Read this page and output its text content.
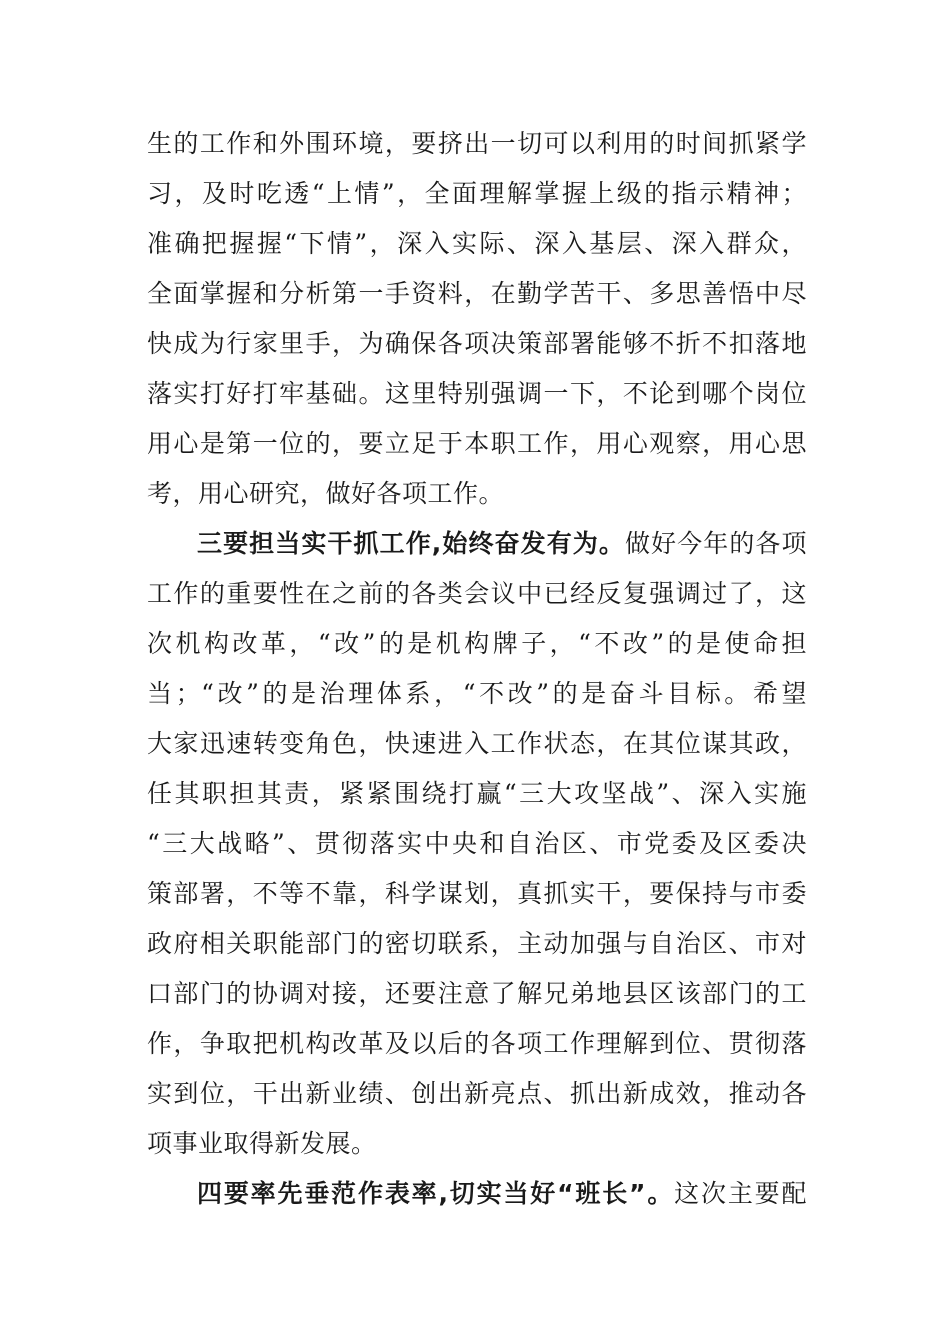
生的工作和外围环境，要挤出一切可以利用的时间抓紧学
习，及时吃透“上情”，全面理解掌握上级的指示精神；
准确把握握“下情”，深入实际、深入基层、深入群众，
全面掌握和分析第一手资料，在勤学苦干、多思善悟中尽
快成为行家里手，为确保各项决策部署能够不折不扣落地
落实打好打牢基础。这里特别强调一下，不论到哪个岗位
用心是第一位的，要立足于本职工作，用心观察，用心思
考，用心研究，做好各项工作。
三要担当实干抓工作,始终奋发有为。做好今年的各项
工作的重要性在之前的各类会议中已经反复强调过了，这
次机构改革，“改”的是机构牌子，“不改”的是使命担
当；“改”的是治理体系，“不改”的是奋斗目标。希望
大家迅速转变角色，快速进入工作状态，在其位谋其政，
任其职担其责，紧紧围绕打赢“三大攻坚战”、深入实施
“三大战略”、贯彻落实中央和自治区、市党委及区委决
策部署，不等不靠，科学谋划，真抓实干，要保持与市委
政府相关职能部门的密切联系，主动加强与自治区、市对
口部门的协调对接，还要注意了解兄弟地县区该部门的工
作，争取把机构改革及以后的各项工作理解到位、贯彻落
实到位，干出新业绩、创出新亮点、抓出新成效，推动各
项事业取得新发展。
四要率先垂范作表率,切实当好“班长”。这次主要配
